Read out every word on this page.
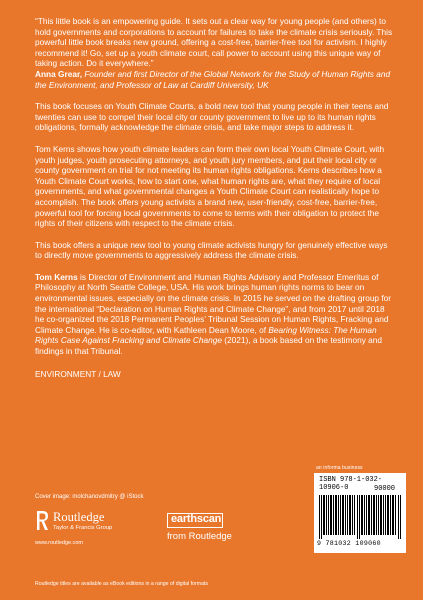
“This little book is an empowering guide. It sets out a clear way for young people (and others) to hold governments and corporations to account for failures to take the climate crisis seriously. This powerful little book breaks new ground, offering a cost-free, barrier-free tool for activism. I highly recommend it! Go, set up a youth climate court, call power to account using this unique way of taking action. Do it everywhere.”

Anna Grear, Founder and first Director of the Global Network for the Study of Human Rights and the Environment, and Professor of Law at Cardiff University, UK

This book focuses on Youth Climate Courts, a bold new tool that young people in their teens and twenties can use to compel their local city or county government to live up to its human rights obligations, formally acknowledge the climate crisis, and take major steps to address it.

Tom Kerns shows how youth climate leaders can form their own local Youth Climate Court, with youth judges, youth prosecuting attorneys, and youth jury members, and put their local city or county government on trial for not meeting its human rights obligations. Kerns describes how a Youth Climate Court works, how to start one, what human rights are, what they require of local governments, and what governmental changes a Youth Climate Court can realistically hope to accomplish. The book offers young activists a brand new, user-friendly, cost-free, barrier-free, powerful tool for forcing local governments to come to terms with their obligation to protect the rights of their citizens with respect to the climate crisis.

This book offers a unique new tool to young climate activists hungry for genuinely effective ways to directly move governments to aggressively address the climate crisis.

Tom Kerns is Director of Environment and Human Rights Advisory and Professor Emeritus of Philosophy at North Seattle College, USA. His work brings human rights norms to bear on environmental issues, especially on the climate crisis. In 2015 he served on the drafting group for the international “Declaration on Human Rights and Climate Change”, and from 2017 until 2018 he co-organized the 2018 Permanent Peoples’ Tribunal Session on Human Rights, Fracking and Climate Change. He is co-editor, with Kathleen Dean Moore, of Bearing Witness: The Human Rights Case Against Fracking and Climate Change (2021), a book based on the testimony and findings in that Tribunal.

ENVIRONMENT / LAW

an informa business
ISBN 978-1-032-10906-0	90000
9 781032 109060
Cover image: molchanovdmitry @ iStock
Routledge
Taylor & Francis Group
www.routledge.com
earthscan
from Routledge
Routledge titles are available as eBook editions in a range of digital formats
